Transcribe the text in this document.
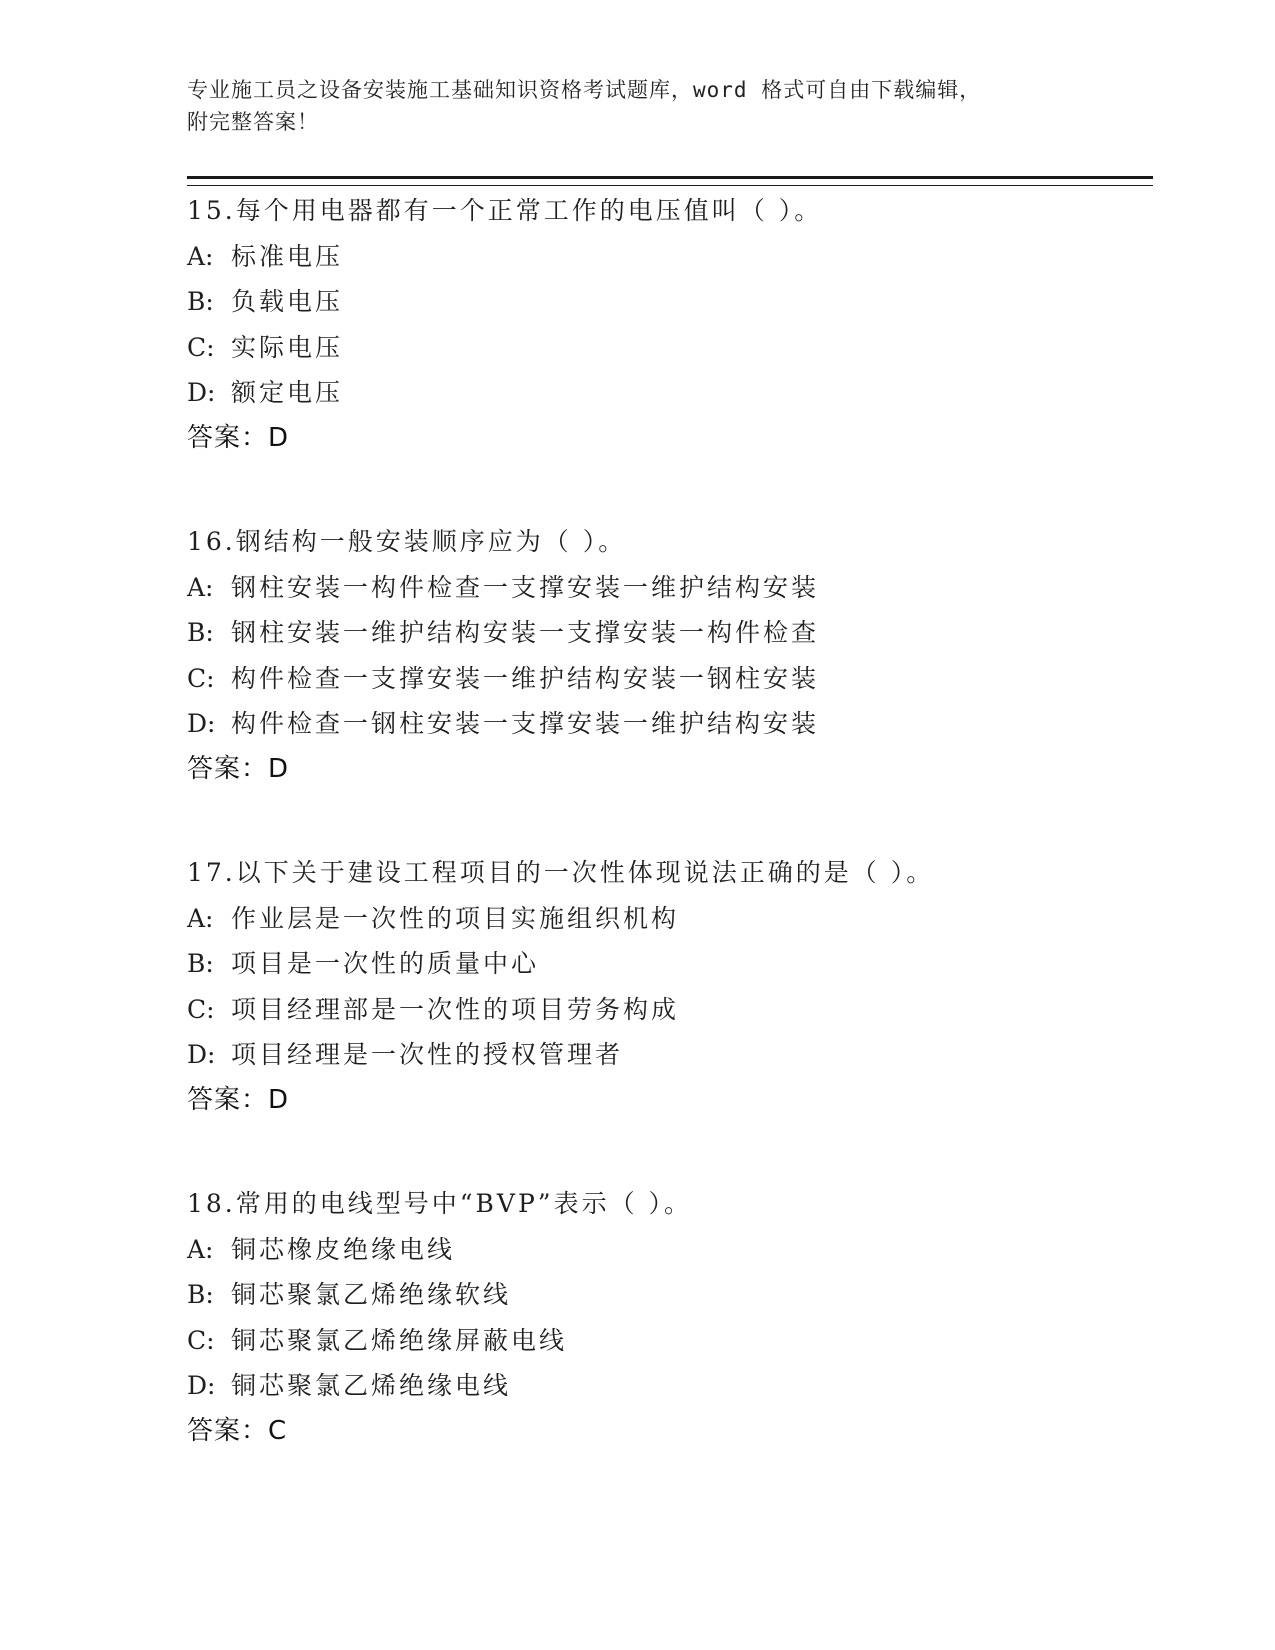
专业施工员之设备安装施工基础知识资格考试题库，word 格式可自由下载编辑，
附完整答案！
15.每个用电器都有一个正常工作的电压值叫（ ）。
A: 标准电压
B: 负载电压
C: 实际电压
D: 额定电压
答案：D
16.钢结构一般安装顺序应为（ ）。
A: 钢柱安装一构件检查一支撑安装一维护结构安装
B: 钢柱安装一维护结构安装一支撑安装一构件检查
C: 构件检查一支撑安装一维护结构安装一钢柱安装
D: 构件检查一钢柱安装一支撑安装一维护结构安装
答案：D
17.以下关于建设工程项目的一次性体现说法正确的是（ ）。
A: 作业层是一次性的项目实施组织机构
B: 项目是一次性的质量中心
C: 项目经理部是一次性的项目劳务构成
D: 项目经理是一次性的授权管理者
答案：D
18.常用的电线型号中“BVP”表示（ ）。
A: 铜芯橡皮绝缘电线
B: 铜芯聚氯乙烯绝缘软线
C: 铜芯聚氯乙烯绝缘屏蔽电线
D: 铜芯聚氯乙烯绝缘电线
答案：C
